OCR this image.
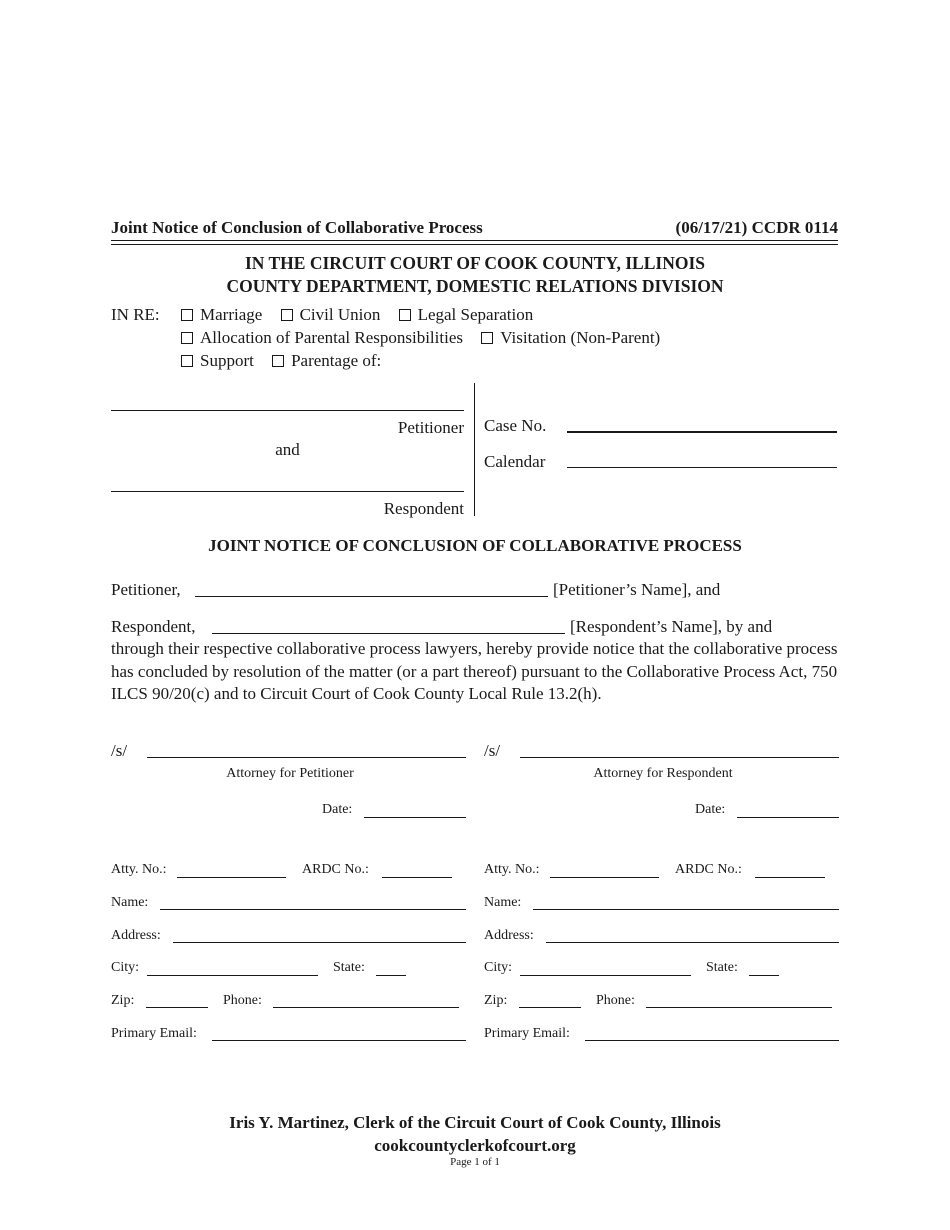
Joint Notice of Conclusion of Collaborative Process	(06/17/21) CCDR 0114
IN THE CIRCUIT COURT OF COOK COUNTY, ILLINOIS
COUNTY DEPARTMENT, DOMESTIC RELATIONS DIVISION
IN RE:	Marriage Civil Union Legal Separation
Allocation of Parental Responsibilities Visitation (Non-Parent)
Support Parentage of:
Petitioner
and
Respondent
Case No.
Calendar
JOINT NOTICE OF CONCLUSION OF COLLABORATIVE PROCESS
Petitioner,	[Petitioner’s Name], and
Respondent,	[Respondent’s Name], by and
through their respective collaborative process lawyers, hereby provide notice that the collaborative process has concluded by resolution of the matter (or a part thereof) pursuant to the Collaborative Process Act, 750 ILCS 90/20(c) and to Circuit Court of Cook County Local Rule 13.2(h).
/s/
Attorney for Petitioner
Date:
Atty. No.:	ARDC No.:
Name:
Address:
City:	State:
Zip:	Phone:
Primary Email:
/s/
Attorney for Respondent
Date:
Atty. No.:	ARDC No.:
Name:
Address:
City:	State:
Zip:	Phone:
Primary Email:
Iris Y. Martinez, Clerk of the Circuit Court of Cook County, Illinois
cookcountyclerkofcourt.org
Page 1 of 1
